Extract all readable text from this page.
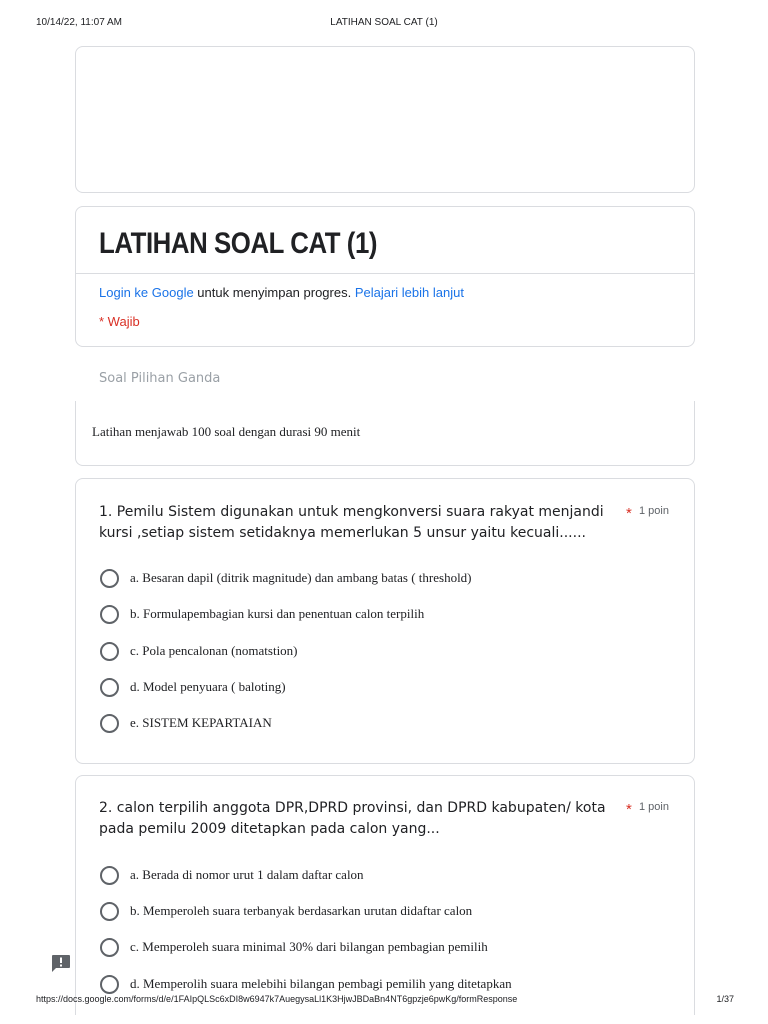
10/14/22, 11:07 AM	LATIHAN SOAL CAT (1)
LATIHAN SOAL CAT (1)
Login ke Google untuk menyimpan progres. Pelajari lebih lanjut
* Wajib
Soal Pilihan Ganda
Latihan menjawab 100 soal dengan durasi 90 menit
1. Pemilu Sistem digunakan untuk mengkonversi suara rakyat menjandi kursi ,setiap sistem setidaknya memerlukan 5 unsur yaitu kecuali......
* 1 poin
a. Besaran dapil (ditrik magnitude) dan ambang batas ( threshold)
b. Formulapembagian kursi dan penentuan calon terpilih
c. Pola pencalonan (nomatstion)
d. Model penyuara ( baloting)
e. SISTEM KEPARTAIAN
2. calon terpilih anggota DPR,DPRD provinsi, dan DPRD kabupaten/ kota pada pemilu 2009 ditetapkan pada calon yang...
* 1 poin
a. Berada di nomor urut 1 dalam daftar calon
b. Memperoleh suara terbanyak berdasarkan urutan didaftar calon
c. Memperoleh suara minimal 30% dari bilangan pembagian pemilih
d. Memperolih suara melebihi bilangan pembagi pemilih yang ditetapkan
https://docs.google.com/forms/d/e/1FAIpQLSc6xDI8w6947k7AuegysaLl1K3HjwJBDaBn4NT6gpzje6pwKg/formResponse	1/37
